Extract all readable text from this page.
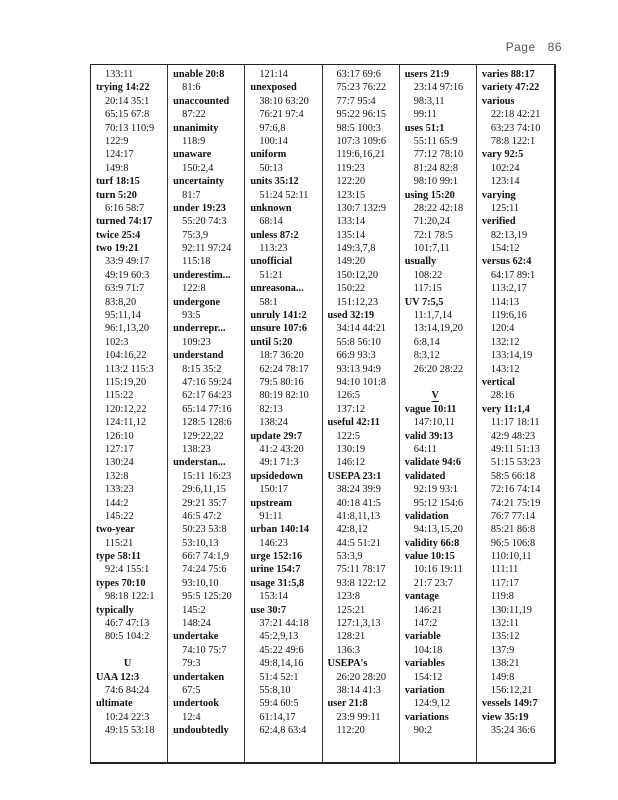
Page 86
133:11
trying 14:22
20:14 35:1
65:15 67:8
70:13 110:9
122:9
124:17
149:8
turf 18:15
turn 5:20
6:16 58:7
turned 74:17
twice 25:4
two 19:21
33:9 49:17
49:19 60:3
63:9 71:7
83:8,20
95:11,14
96:1,13,20
102:3
104:16,22
113:2 115:3
115:19,20
115:22
120:12,22
124:11,12
126:10
127:17
130:24
132:8
133:23
144:2
145:22
two-year
115:21
type 58:11
92:4 155:1
types 70:10
98:18 122:1
typically
46:7 47:13
80:5 104:2
U
UAA 12:3
74:6 84:24
ultimate
10:24 22:3
49:15 53:18
unable 20:8
81:6
unaccounted
87:22
unanimity
118:9
unaware
150:2,4
uncertainty
81:7
under 19:23
55:20 74:3
75:3,9
92:11 97:24
115:18
underestim...
122:8
undergone
93:5
underrepr...
109:23
understand
8:15 35:2
47:16 59:24
62:17 64:23
65:14 77:16
128:5 128:6
129:22,22
138:23
understan...
15:11 16:23
29:6,11,15
29:21 35:7
46:5 47:2
50:23 53:8
53:10,13
66:7 74:1,9
74:24 75:6
93:10,10
95:5 125:20
145:2
148:24
undertake
74:10 75:7
79:3
undertaken
67:5
undertook
12:4
undoubtedly
121:14
unexposed
38:10 63:20
76:21 97:4
97:6,8
100:14
uniform
50:13
units 35:12
51:24 52:11
unknown
68:14
unless 87:2
113:23
unofficial
51:21
unreasona...
58:1
unruly 141:2
unsure 107:6
until 5:20
18:7 36:20
62:24 78:17
79:5 80:16
80:19 82:10
82:13
138:24
update 29:7
41:2 43:20
49:1 71:3
upsidedown
150:17
upstream
91:11
urban 140:14
146:23
urge 152:16
urine 154:7
usage 31:5,8
153:14
use 30:7
37:21 44:18
45:2,9,13
45:22 49:6
49:8,14,16
51:4 52:1
55:8,10
59:4 60:5
61:14,17
62:4,8 63:4
63:17 69:6
75:23 76:22
77:7 95:4
95:22 96:15
98:5 100:3
107:3 109:6
119:6,16,21
119:23
122:20
123:15
130:7 132:9
133:14
135:14
149:3,7,8
149:20
150:12,20
150:22
151:12,23
used 32:19
34:14 44:21
55:8 56:10
66:9 93:3
93:13 94:9
94:10 101:8
126:5
137:12
useful 42:11
122:5
130:19
146:12
USEPA 23:1
38:24 39:9
40:18 41:5
41:8,11,13
42:8,12
44:5 51:21
53:3,9
75:11 78:17
93:8 122:12
123:8
125:21
127:1,3,13
128:21
136:3
USEPA's
26:20 28:20
38:14 41:3
user 21:8
23:9 99:11
112:20
users 21:9
23:14 97:16
98:3,11
99:11
uses 51:1
55:11 65:9
77:12 78:10
81:24 82:8
98:10 99:1
using 15:20
28:22 42:18
71:20,24
72:1 78:5
101:7,11
usually
108:22
117:15
UV 7:5,5
11:1,7,14
13:14,19,20
6:8,14
8:3,12
26:20 28:22
V
vague 10:11
147:10,11
valid 39:13
64:11
validate 94:6
validated
92:19 93:1
95:12 154:6
validation
94:13,15,20
validity 66:8
value 10:15
10:16 19:11
21:7 23:7
vantage
146:21
147:2
variable
104:18
variables
154:12
variation
124:9,12
variations
90:2
varies 88:17
variety 47:22
various
22:18 42:21
63:23 74:10
78:8 122:1
vary 92:5
102:24
123:14
varying
125:11
verified
82:13,19
154:12
versus 62:4
64:17 89:1
113:2,17
114:13
119:6,16
120:4
132:12
133:14,19
143:12
vertical
28:16
very 11:1,4
11:17 18:11
42:9 48:23
49:11 51:13
51:15 53:23
58:5 66:18
72:16 74:14
74:21 75:19
76:7 77:14
85:21 86:8
96:5 106:8
110:10,11
111:11
117:17
119:8
130:11,19
132:11
135:12
137:9
138:21
149:8
156:12,21
vessels 149:7
view 35:19
35:24 36:6
